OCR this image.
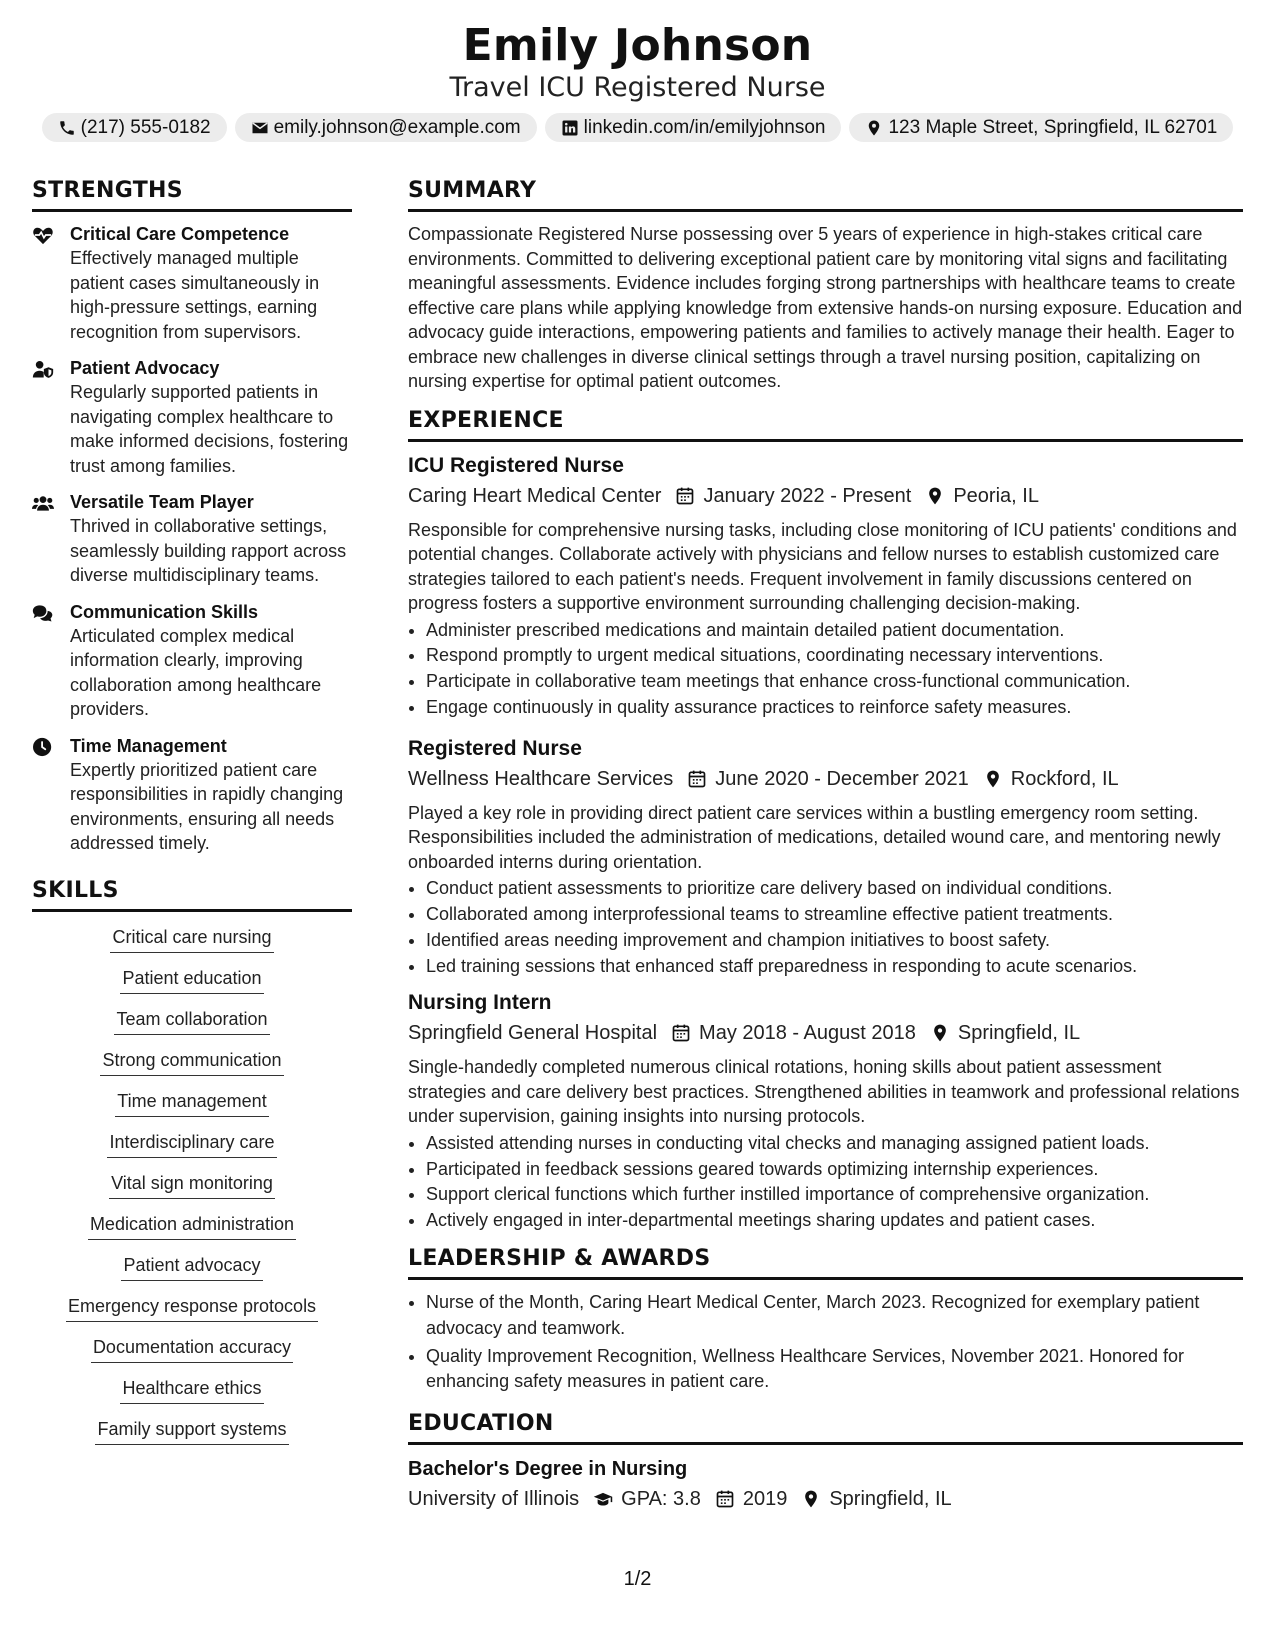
Emily Johnson
Travel ICU Registered Nurse
(217) 555-0182	emily.johnson@example.com	linkedin.com/in/emilyjohnson	123 Maple Street, Springfield, IL 62701
STRENGTHS
Critical Care Competence
Effectively managed multiple patient cases simultaneously in high-pressure settings, earning recognition from supervisors.
Patient Advocacy
Regularly supported patients in navigating complex healthcare to make informed decisions, fostering trust among families.
Versatile Team Player
Thrived in collaborative settings, seamlessly building rapport across diverse multidisciplinary teams.
Communication Skills
Articulated complex medical information clearly, improving collaboration among healthcare providers.
Time Management
Expertly prioritized patient care responsibilities in rapidly changing environments, ensuring all needs addressed timely.
SKILLS
Critical care nursing
Patient education
Team collaboration
Strong communication
Time management
Interdisciplinary care
Vital sign monitoring
Medication administration
Patient advocacy
Emergency response protocols
Documentation accuracy
Healthcare ethics
Family support systems
SUMMARY
Compassionate Registered Nurse possessing over 5 years of experience in high-stakes critical care environments. Committed to delivering exceptional patient care by monitoring vital signs and facilitating meaningful assessments. Evidence includes forging strong partnerships with healthcare teams to create effective care plans while applying knowledge from extensive hands-on nursing exposure. Education and advocacy guide interactions, empowering patients and families to actively manage their health. Eager to embrace new challenges in diverse clinical settings through a travel nursing position, capitalizing on nursing expertise for optimal patient outcomes.
EXPERIENCE
ICU Registered Nurse
Caring Heart Medical Center January 2022 - Present Peoria, IL
Responsible for comprehensive nursing tasks, including close monitoring of ICU patients' conditions and potential changes. Collaborate actively with physicians and fellow nurses to establish customized care strategies tailored to each patient's needs. Frequent involvement in family discussions centered on progress fosters a supportive environment surrounding challenging decision-making.
• Administer prescribed medications and maintain detailed patient documentation.
• Respond promptly to urgent medical situations, coordinating necessary interventions.
• Participate in collaborative team meetings that enhance cross-functional communication.
• Engage continuously in quality assurance practices to reinforce safety measures.
Registered Nurse
Wellness Healthcare Services June 2020 - December 2021 Rockford, IL
Played a key role in providing direct patient care services within a bustling emergency room setting. Responsibilities included the administration of medications, detailed wound care, and mentoring newly onboarded interns during orientation.
• Conduct patient assessments to prioritize care delivery based on individual conditions.
• Collaborated among interprofessional teams to streamline effective patient treatments.
• Identified areas needing improvement and champion initiatives to boost safety.
• Led training sessions that enhanced staff preparedness in responding to acute scenarios.
Nursing Intern
Springfield General Hospital May 2018 - August 2018 Springfield, IL
Single-handedly completed numerous clinical rotations, honing skills about patient assessment strategies and care delivery best practices. Strengthened abilities in teamwork and professional relations under supervision, gaining insights into nursing protocols.
• Assisted attending nurses in conducting vital checks and managing assigned patient loads.
• Participated in feedback sessions geared towards optimizing internship experiences.
• Support clerical functions which further instilled importance of comprehensive organization.
• Actively engaged in inter-departmental meetings sharing updates and patient cases.
LEADERSHIP & AWARDS
• Nurse of the Month, Caring Heart Medical Center, March 2023. Recognized for exemplary patient advocacy and teamwork.
• Quality Improvement Recognition, Wellness Healthcare Services, November 2021. Honored for enhancing safety measures in patient care.
EDUCATION
Bachelor's Degree in Nursing
University of Illinois GPA: 3.8 2019 Springfield, IL
1/2
